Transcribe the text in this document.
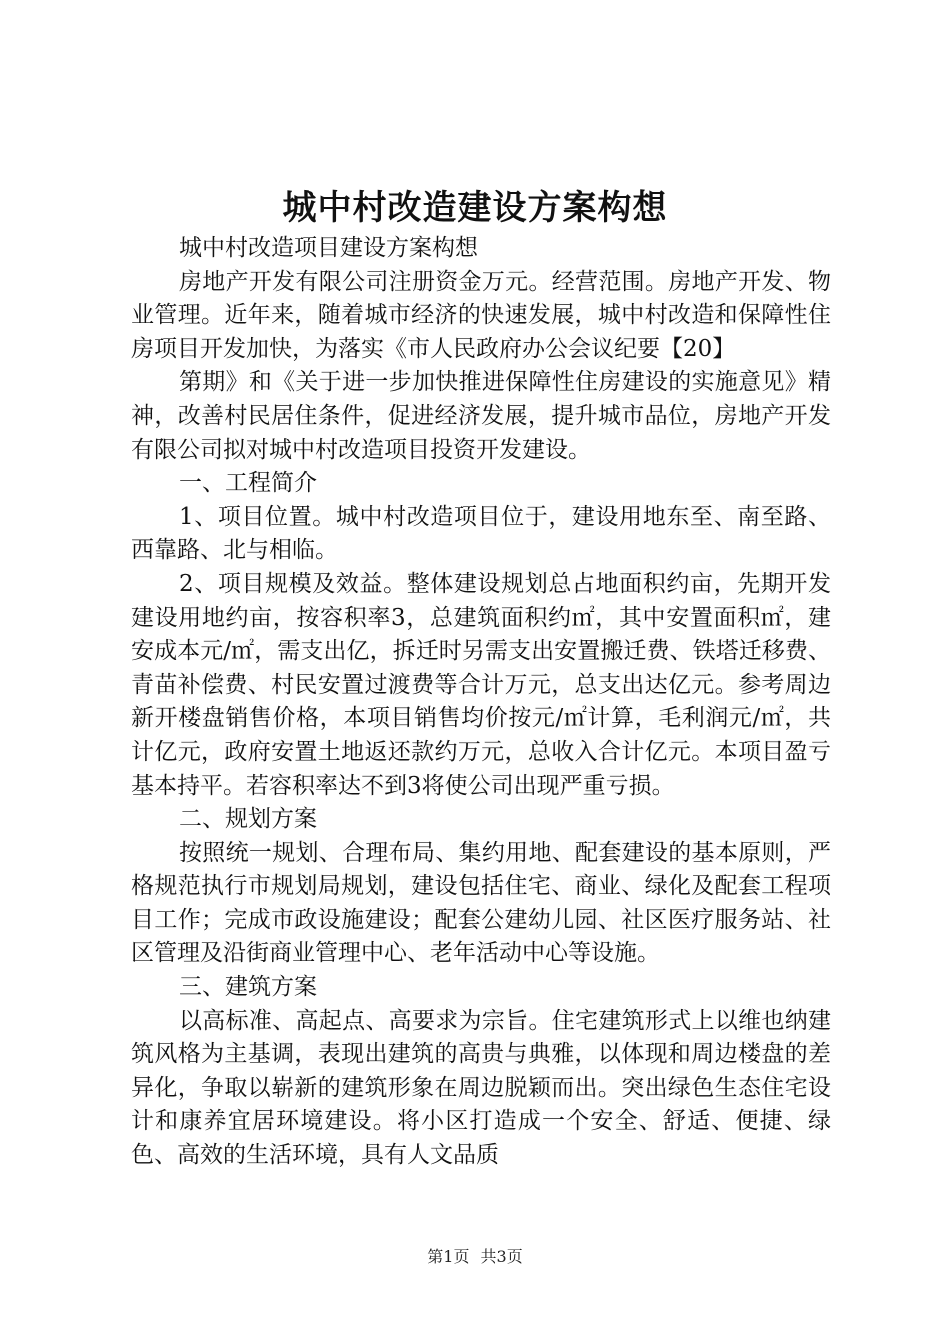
城中村改造建设方案构想

城中村改造项目建设方案构想

房地产开发有限公司注册资金万元。经营范围。房地产开发、物业管理。近年来，随着城市经济的快速发展，城中村改造和保障性住房项目开发加快，为落实《市人民政府办公会议纪要【20】

第期》和《关于进一步加快推进保障性住房建设的实施意见》精神，改善村民居住条件，促进经济发展，提升城市品位，房地产开发有限公司拟对城中村改造项目投资开发建设。

一、工程简介

1、项目位置。城中村改造项目位于，建设用地东至、南至路、西靠路、北与相临。

2、项目规模及效益。整体建设规划总占地面积约亩，先期开发建设用地约亩，按容积率3，总建筑面积约㎡，其中安置面积㎡，建安成本元/㎡，需支出亿，拆迁时另需支出安置搬迁费、铁塔迁移费、青苗补偿费、村民安置过渡费等合计万元，总支出达亿元。参考周边新开楼盘销售价格，本项目销售均价按元/㎡计算，毛利润元/㎡，共计亿元，政府安置土地返还款约万元，总收入合计亿元。本项目盈亏基本持平。若容积率达不到3将使公司出现严重亏损。

二、规划方案

按照统一规划、合理布局、集约用地、配套建设的基本原则，严格规范执行市规划局规划，建设包括住宅、商业、绿化及配套工程项目工作；完成市政设施建设；配套公建幼儿园、社区医疗服务站、社区管理及沿街商业管理中心、老年活动中心等设施。

三、建筑方案

以高标准、高起点、高要求为宗旨。住宅建筑形式上以维也纳建筑风格为主基调，表现出建筑的高贵与典雅，以体现和周边楼盘的差异化，争取以崭新的建筑形象在周边脱颖而出。突出绿色生态住宅设计和康养宜居环境建设。将小区打造成一个安全、舒适、便捷、绿色、高效的生活环境，具有人文品质

第1页 共3页
